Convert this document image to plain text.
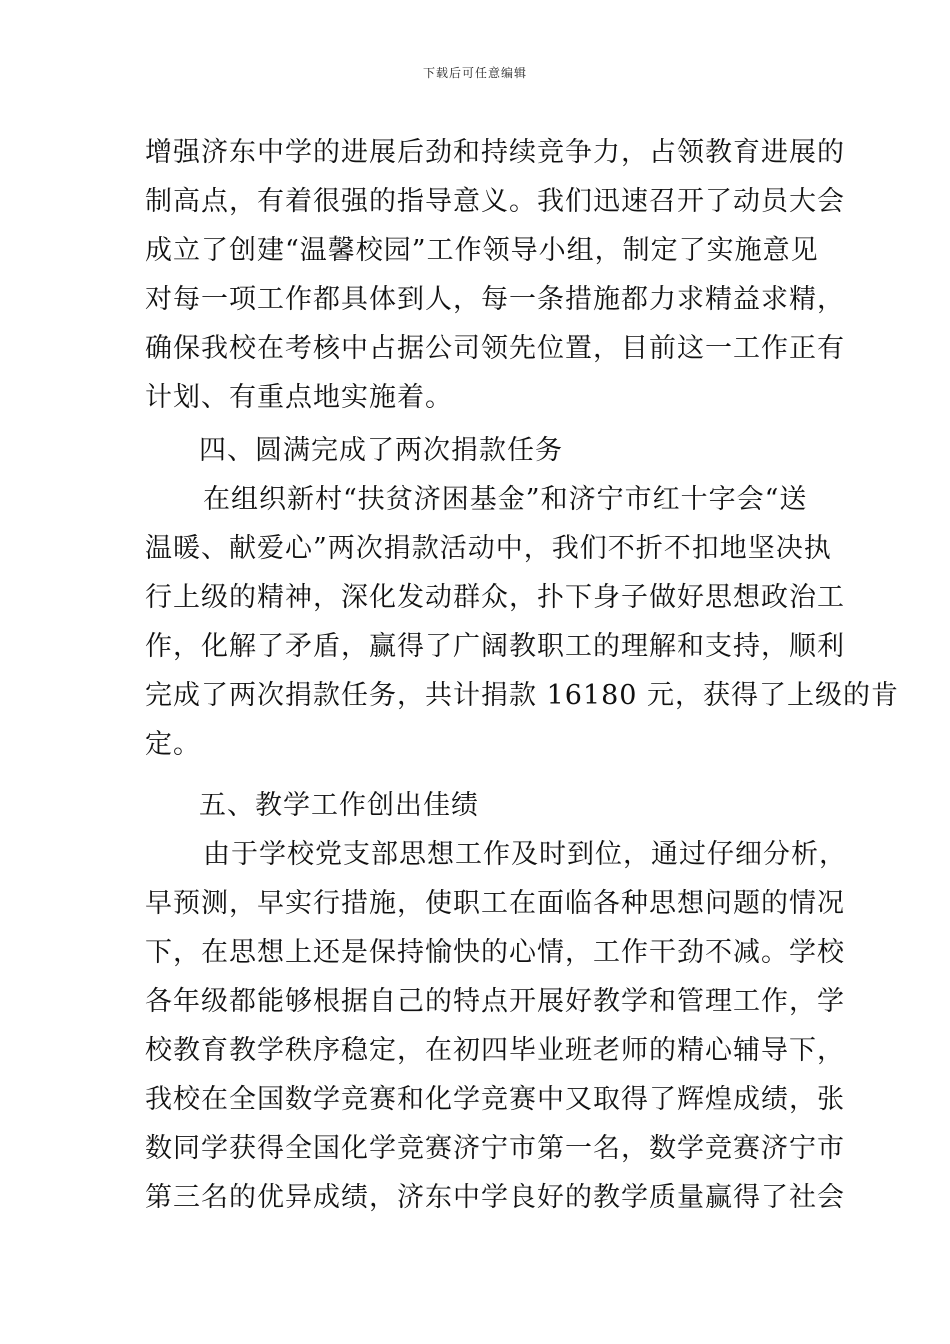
下载后可任意编辑
增强济东中学的进展后劲和持续竞争力，占领教育进展的
制高点，有着很强的指导意义。我们迅速召开了动员大会
成立了创建“温馨校园”工作领导小组，制定了实施意见
对每一项工作都具体到人，每一条措施都力求精益求精，
确保我校在考核中占据公司领先位置，目前这一工作正有
计划、有重点地实施着。
四、圆满完成了两次捐款任务
在组织新村“扶贫济困基金”和济宁市红十字会“送
温暖、献爱心”两次捐款活动中，我们不折不扣地坚决执
行上级的精神，深化发动群众，扑下身子做好思想政治工
作，化解了矛盾，赢得了广阔教职工的理解和支持，顺利
完成了两次捐款任务，共计捐款 16180 元，获得了上级的肯
定。
五、教学工作创出佳绩
由于学校党支部思想工作及时到位，通过仔细分析，
早预测，早实行措施，使职工在面临各种思想问题的情况
下，在思想上还是保持愉快的心情，工作干劲不减。学校
各年级都能够根据自己的特点开展好教学和管理工作，学
校教育教学秩序稳定，在初四毕业班老师的精心辅导下，
我校在全国数学竞赛和化学竞赛中又取得了辉煌成绩，张
数同学获得全国化学竞赛济宁市第一名，数学竞赛济宁市
第三名的优异成绩，济东中学良好的教学质量赢得了社会
